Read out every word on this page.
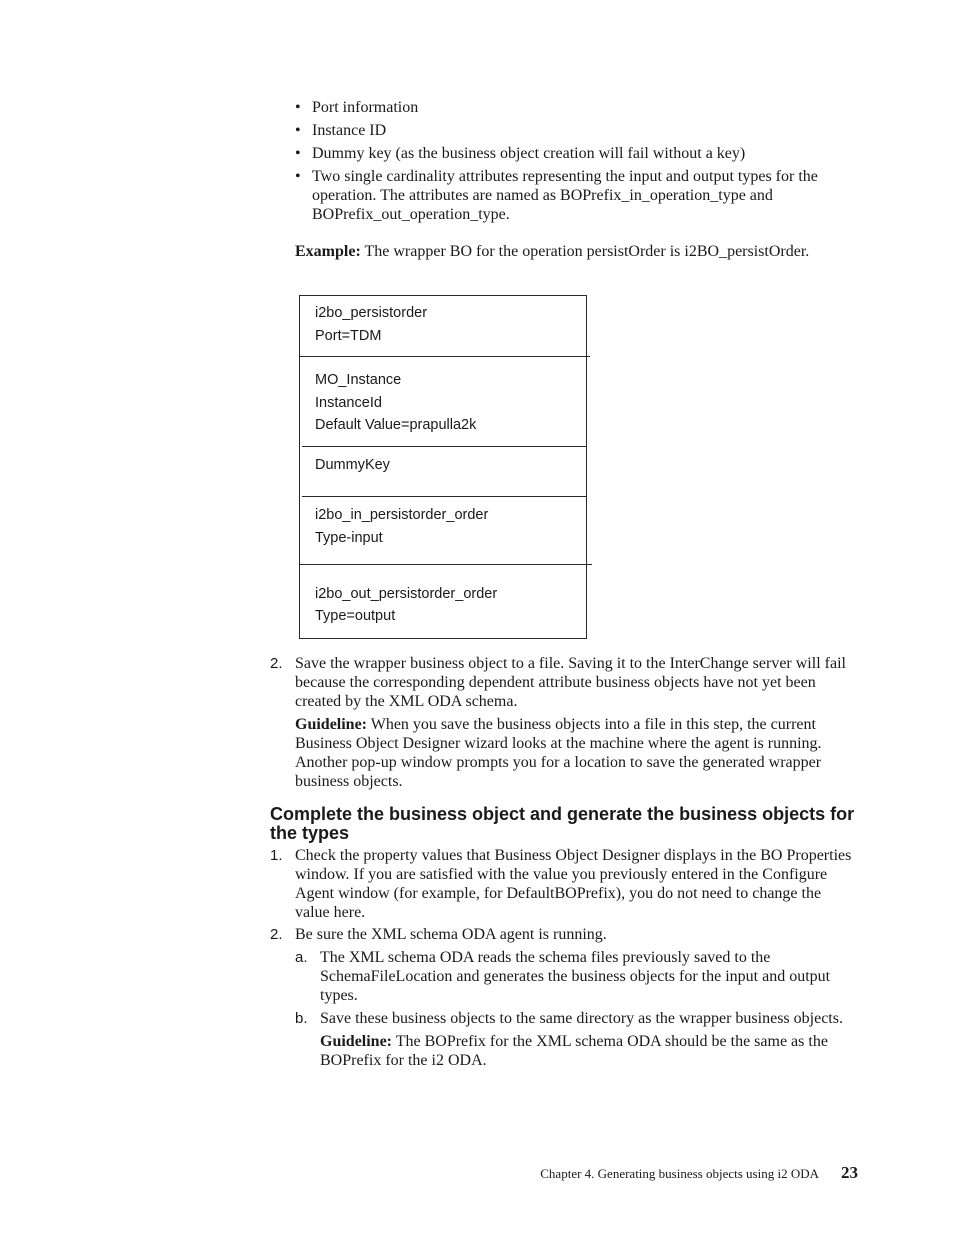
• Port information
• Instance ID
• Dummy key (as the business object creation will fail without a key)
• Two single cardinality attributes representing the input and output types for the operation. The attributes are named as BOPrefix_in_operation_type and BOPrefix_out_operation_type.

Example: The wrapper BO for the operation persistOrder is i2BO_persistOrder.

i2bo_persistorder
Port=TDM
MO_Instance
InstanceId
Default Value=prapulla2k
DummyKey
i2bo_in_persistorder_order
Type-input
i2bo_out_persistorder_order
Type=output
2. Save the wrapper business object to a file. Saving it to the InterChange server will fail because the corresponding dependent attribute business objects have not yet been created by the XML ODA schema.

Guideline: When you save the business objects into a file in this step, the current Business Object Designer wizard looks at the machine where the agent is running. Another pop-up window prompts you for a location to save the generated wrapper business objects.

Complete the business object and generate the business objects for the types
1. Check the property values that Business Object Designer displays in the BO Properties window. If you are satisfied with the value you previously entered in the Configure Agent window (for example, for DefaultBOPrefix), you do not need to change the value here.

2. Be sure the XML schema ODA agent is running.

a. The XML schema ODA reads the schema files previously saved to the SchemaFileLocation and generates the business objects for the input and output types.

b. Save these business objects to the same directory as the wrapper business objects.

Guideline: The BOPrefix for the XML schema ODA should be the same as the BOPrefix for the i2 ODA.

Chapter 4. Generating business objects using i2 ODA 23
